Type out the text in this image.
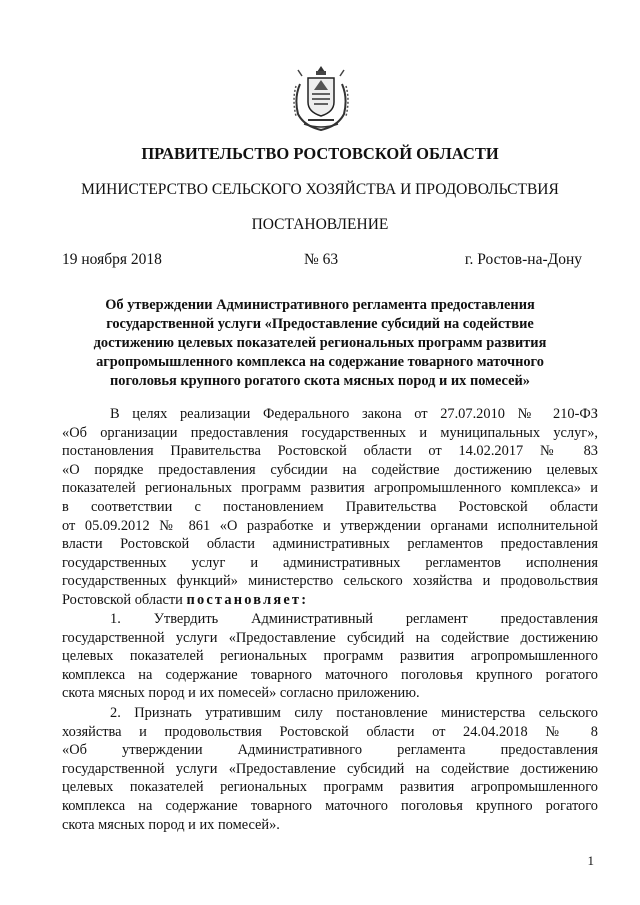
ПРАВИТЕЛЬСТВО РОСТОВСКОЙ ОБЛАСТИ
МИНИСТЕРСТВО СЕЛЬСКОГО ХОЗЯЙСТВА И ПРОДОВОЛЬСТВИЯ
ПОСТАНОВЛЕНИЕ
19 ноября 2018	№ 63	г. Ростов-на-Дону
Об утверждении Административного регламента предоставления
государственной услуги «Предоставление субсидий на содействие
достижению целевых показателей региональных программ развития
агропромышленного комплекса на содержание товарного маточного
поголовья крупного рогатого скота мясных пород и их помесей»
В целях реализации Федерального закона от 27.07.2010 № 210-ФЗ
«Об организации предоставления государственных и муниципальных услуг»,
постановления Правительства Ростовской области от 14.02.2017 № 83
«О порядке предоставления субсидии на содействие достижению целевых
показателей региональных программ развития агропромышленного комплекса» и
в соответствии с постановлением Правительства Ростовской области
от 05.09.2012 № 861 «О разработке и утверждении органами исполнительной
власти Ростовской области административных регламентов предоставления
государственных услуг и административных регламентов исполнения
государственных функций» министерство сельского хозяйства и продовольствия
Ростовской области постановляет:
1. Утвердить Административный регламент предоставления
государственной услуги «Предоставление субсидий на содействие достижению
целевых показателей региональных программ развития агропромышленного
комплекса на содержание товарного маточного поголовья крупного рогатого
скота мясных пород и их помесей» согласно приложению.
2. Признать утратившим силу постановление министерства сельского
хозяйства и продовольствия Ростовской области от 24.04.2018 № 8
«Об утверждении Административного регламента предоставления
государственной услуги «Предоставление субсидий на содействие достижению
целевых показателей региональных программ развития агропромышленного
комплекса на содержание товарного маточного поголовья крупного рогатого
скота мясных пород и их помесей».
1
